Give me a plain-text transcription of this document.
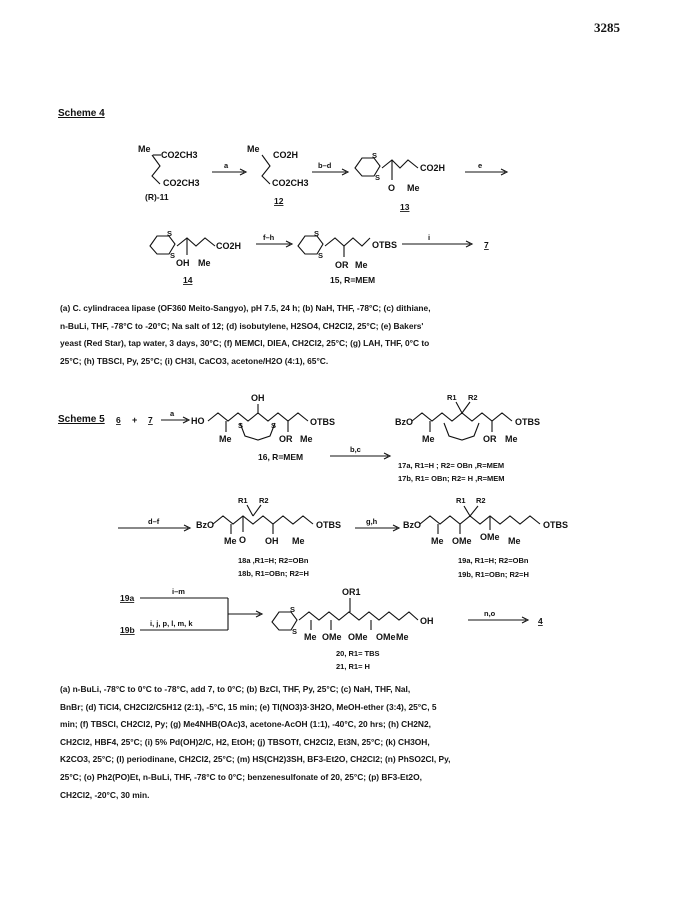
3285
Scheme 4
Me
CO2CH3
CO2CH3
(R)-11
a
Me
CO2H
CO2CH3
12
b–d
S
S
O Me
CO2H
13
e
S
S
OH Me
CO2H
14
f–h	S
S
OR Me
OTBS
15, R=MEM
i
7
6 + 7
a
HO
Me
S	S
OH
OR Me
OTBS
16, R=MEM
b,c
BzO
Me
R1 R2
OR Me
OTBS
17a, R1=H ; R2= OBn ,R=MEM
17b, R1= OBn; R2= H ,R=MEM
d–f	BzO
Me O
R1 R2
OH Me
OTBS
18a ,R1=H; R2=OBn
18b, R1=OBn; R2=H
g,h	BzO
Me OMe
R1 R2
OMe Me
OTBS
19a, R1=H; R2=OBn
19b, R1=OBn; R2=H
19a
19b
i–m
i, j, p, l, m, k
S
S
Me OMe
OR1
OMe OMe Me
OH
20, R1= TBS
21, R1= H
n,o
4

(a) C. cylindracea lipase (OF360 Meito-Sangyo), pH 7.5, 24 h; (b) NaH, THF, -78°C; (c) dithiane,

n-BuLi, THF, -78°C to -20°C; Na salt of 12; (d) isobutylene, H2SO4, CH2Cl2, 25°C; (e) Bakers'

yeast (Red Star), tap water, 3 days, 30°C; (f) MEMCl, DIEA, CH2Cl2, 25°C; (g) LAH, THF, 0°C to

25°C; (h) TBSCl, Py, 25°C; (i) CH3I, CaCO3, acetone/H2O (4:1), 65°C.

Scheme 5

(a) n-BuLi, -78°C to 0°C to -78°C, add 7, to 0°C; (b) BzCl, THF, Py, 25°C; (c) NaH, THF, NaI,

BnBr; (d) TiCl4, CH2Cl2/C5H12 (2:1), -5°C, 15 min; (e) Tl(NO3)3·3H2O, MeOH-ether (3:4), 25°C, 5

min; (f) TBSCl, CH2Cl2, Py; (g) Me4NHB(OAc)3, acetone-AcOH (1:1), -40°C, 20 hrs; (h) CH2N2,

CH2Cl2, HBF4, 25°C; (i) 5% Pd(OH)2/C, H2, EtOH; (j) TBSOTf, CH2Cl2, Et3N, 25°C; (k) CH3OH,

K2CO3, 25°C; (l) periodinane, CH2Cl2, 25°C; (m) HS(CH2)3SH, BF3-Et2O, CH2Cl2; (n) PhSO2Cl, Py,

25°C; (o) Ph2(PO)Et, n-BuLi, THF, -78°C to 0°C; benzenesulfonate of 20, 25°C; (p) BF3-Et2O,

CH2Cl2, -20°C, 30 min.
